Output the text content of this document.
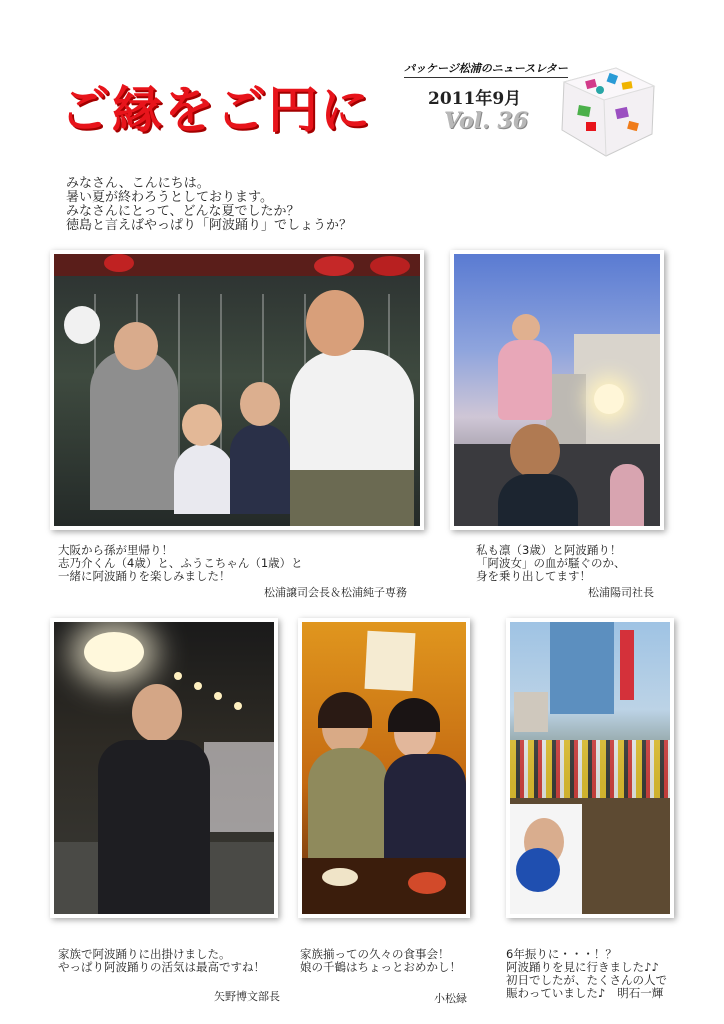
ご縁をご円に
パッケージ松浦のニュースレター
2011年9月
Vol. 36
みなさん、こんにちは。
暑い夏が終わろうとしております。
みなさんにとって、どんな夏でしたか？
徳島と言えばやっぱり「阿波踊り」でしょうか？
大阪から孫が里帰り！
志乃介くん（4歳）と、ふうこちゃん（1歳）と
一緒に阿波踊りを楽しみました！
松浦譲司会長＆松浦純子専務
私も凛（3歳）と阿波踊り！
「阿波女」の血が騒ぐのか、
身を乗り出してます！
松浦陽司社長
家族で阿波踊りに出掛けました。
やっぱり阿波踊りの活気は最高ですね！
矢野博文部長
家族揃っての久々の食事会！
娘の千鶴はちょっとおめかし！
小松緑
6年振りに・・・！？
阿波踊りを見に行きました♪♪
初日でしたが、たくさんの人で
賑わっていました♪ 明石一輝
